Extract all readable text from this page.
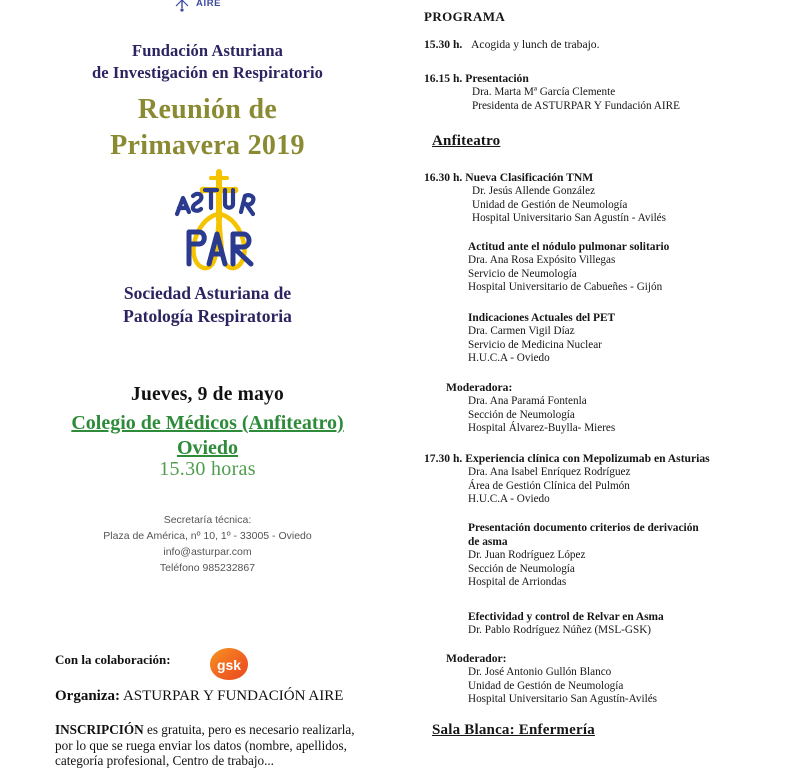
AIRE
Fundación Asturiana
de Investigación en Respiratorio
Reunión de
Primavera 2019
Sociedad Asturiana de
Patología Respiratoria
Jueves, 9 de mayo
Colegio de Médicos (Anfiteatro)
Oviedo
15.30 horas
Secretaría técnica:
Plaza de América, nº 10, 1º - 33005 - Oviedo
info@asturpar.com
Teléfono 985232867
Con la colaboración:	gsk
Organiza: ASTURPAR Y FUNDACIÓN AIRE
INSCRIPCIÓN es gratuita, pero es necesario realizarla,
por lo que se ruega enviar los datos (nombre, apellidos,
categoría profesional, Centro de trabajo...
PROGRAMA
15.30 h. Acogida y lunch de trabajo.
16.15 h. Presentación
Dra. Marta Mª García Clemente
Presidenta de ASTURPAR Y Fundación AIRE
Anfiteatro
16.30 h. Nueva Clasificación TNM
Dr. Jesús Allende González
Unidad de Gestión de Neumología
Hospital Universitario San Agustín - Avilés
Actitud ante el nódulo pulmonar solitario
Dra. Ana Rosa Expósito Villegas
Servicio de Neumología
Hospital Universitario de Cabueñes - Gijón
Indicaciones Actuales del PET
Dra. Carmen Vigil Díaz
Servicio de Medicina Nuclear
H.U.C.A - Oviedo
Moderadora:
Dra. Ana Paramá Fontenla
Sección de Neumología
Hospital Álvarez-Buylla- Mieres
17.30 h. Experiencia clínica con Mepolizumab en Asturias
Dra. Ana Isabel Enríquez Rodríguez
Área de Gestión Clínica del Pulmón
H.U.C.A - Oviedo
Presentación documento criterios de derivación
de asma
Dr. Juan Rodríguez López
Sección de Neumología
Hospital de Arriondas
Efectividad y control de Relvar en Asma
Dr. Pablo Rodríguez Núñez (MSL-GSK)
Moderador:
Dr. José Antonio Gullón Blanco
Unidad de Gestión de Neumología
Hospital Universitario San Agustín-Avilés
Sala Blanca: Enfermería
